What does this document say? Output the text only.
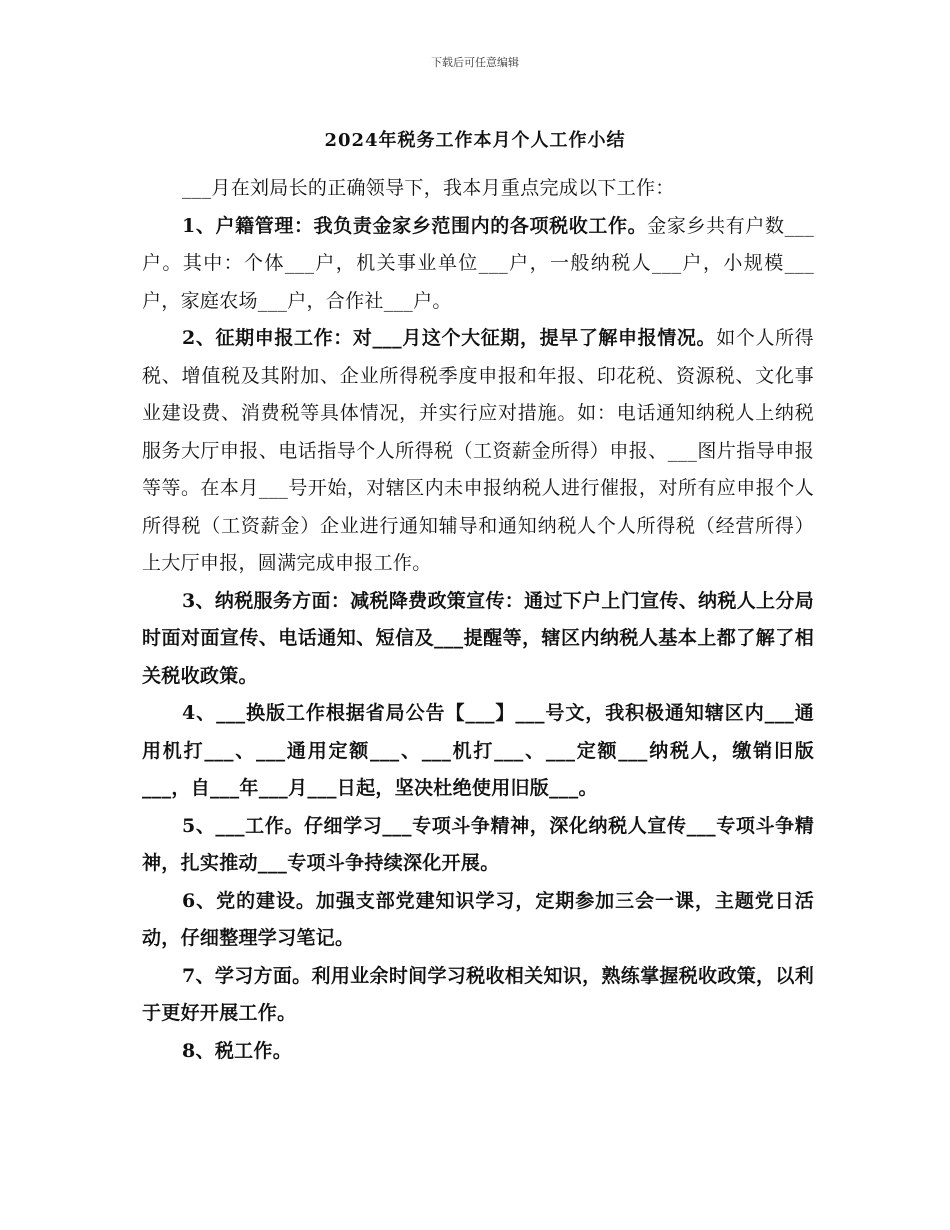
下载后可任意编辑
2024年税务工作本月个人工作小结

___月在刘局长的正确领导下，我本月重点完成以下工作：

1、户籍管理：我负责金家乡范围内的各项税收工作。金家乡共有户数___户。其中：个体___户，机关事业单位___户，一般纳税人___户，小规模___户，家庭农场___户，合作社___户。

2、征期申报工作：对___月这个大征期，提早了解申报情况。如个人所得税、增值税及其附加、企业所得税季度申报和年报、印花税、资源税、文化事业建设费、消费税等具体情况，并实行应对措施。如：电话通知纳税人上纳税服务大厅申报、电话指导个人所得税（工资薪金所得）申报、___图片指导申报等等。在本月___号开始，对辖区内未申报纳税人进行催报，对所有应申报个人所得税（工资薪金）企业进行通知辅导和通知纳税人个人所得税（经营所得）上大厅申报，圆满完成申报工作。

3、纳税服务方面：减税降费政策宣传：通过下户上门宣传、纳税人上分局时面对面宣传、电话通知、短信及___提醒等，辖区内纳税人基本上都了解了相关税收政策。

4、___换版工作根据省局公告【___】___号文，我积极通知辖区内___通用机打___、___通用定额___、___机打___、___定额___纳税人，缴销旧版___，自___年___月___日起，坚决杜绝使用旧版___。

5、___工作。仔细学习___专项斗争精神，深化纳税人宣传___专项斗争精神，扎实推动___专项斗争持续深化开展。

6、党的建设。加强支部党建知识学习，定期参加三会一课，主题党日活动，仔细整理学习笔记。

7、学习方面。利用业余时间学习税收相关知识，熟练掌握税收政策，以利于更好开展工作。

8、税工作。
